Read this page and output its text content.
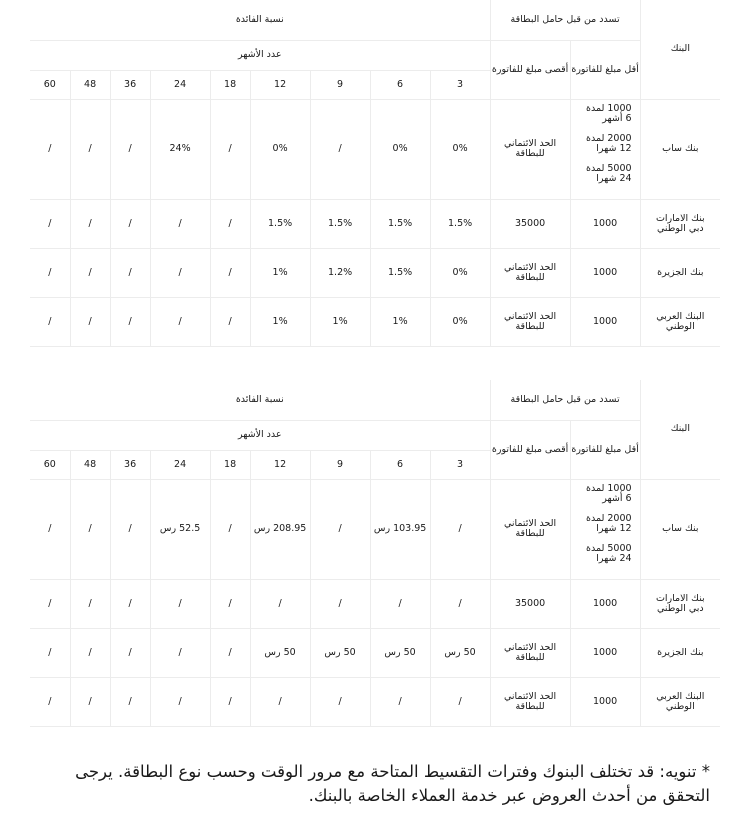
البنك	تسدد من قبل حامل البطاقة		نسبة الفائدة								
	أقل مبلغ للفاتورة	أقصى مبلغ للفاتورة	عدد الأشهر								
			3	6	9	12	18	24	36	48	60
بنك ساب	1000 لمدة 6 أشهر
2000 لمدة 12 شهرا
5000 لمدة 24 شهرا	الحد الائتماني للبطاقة	0%	0%	/	0%	/	24%	/	/	/
بنك الامارات دبي الوطني	1000	35000	1.5%	1.5%	1.5%	1.5%	/	/	/	/	/
بنك الجزيرة	1000	الحد الائتماني للبطاقة	0%	1.5%	1.2%	1%	/	/	/	/	/
البنك العربي الوطني	1000	الحد الائتماني للبطاقة	0%	1%	1%	1%	/	/	/	/	/
البنك	تسدد من قبل حامل البطاقة		نسبة الفائدة								
	أقل مبلغ للفاتورة	أقصى مبلغ للفاتورة	عدد الأشهر								
			3	6	9	12	18	24	36	48	60
بنك ساب	1000 لمدة 6 أشهر
2000 لمدة 12 شهرا
5000 لمدة 24 شهرا	الحد الائتماني للبطاقة	/	103.95 رس	/	208.95 رس	/	52.5 رس	/	/	/
بنك الامارات دبي الوطني	1000	35000	/	/	/	/	/	/	/	/	/
بنك الجزيرة	1000	الحد الائتماني للبطاقة	50 رس	50 رس	50 رس	50 رس	/	/	/	/	/
البنك العربي الوطني	1000	الحد الائتماني للبطاقة	/	/	/	/	/	/	/	/	/
* تنويه: قد تختلف البنوك وفترات التقسيط المتاحة مع مرور الوقت وحسب نوع البطاقة. يرجى التحقق من أحدث العروض عبر خدمة العملاء الخاصة بالبنك.
